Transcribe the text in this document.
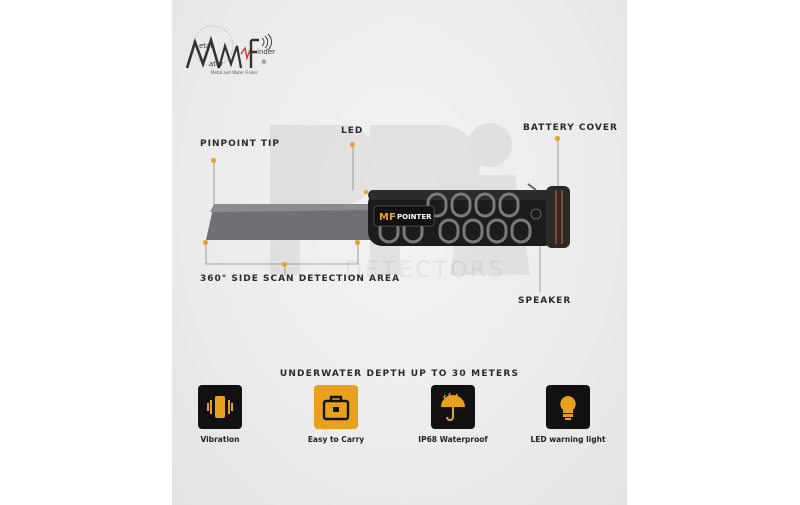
DETECTORS
etal
inder
ater	®
Metal and Water Finder
MF POINTER
PINPOINT TIP
LED	BATTERY COVER
360° SIDE SCAN DETECTION AREA
SPEAKER
UNDERWATER DEPTH UP TO 30 METERS
Vibration	Easy to Carry	IP68 Waterproof	LED warning light
